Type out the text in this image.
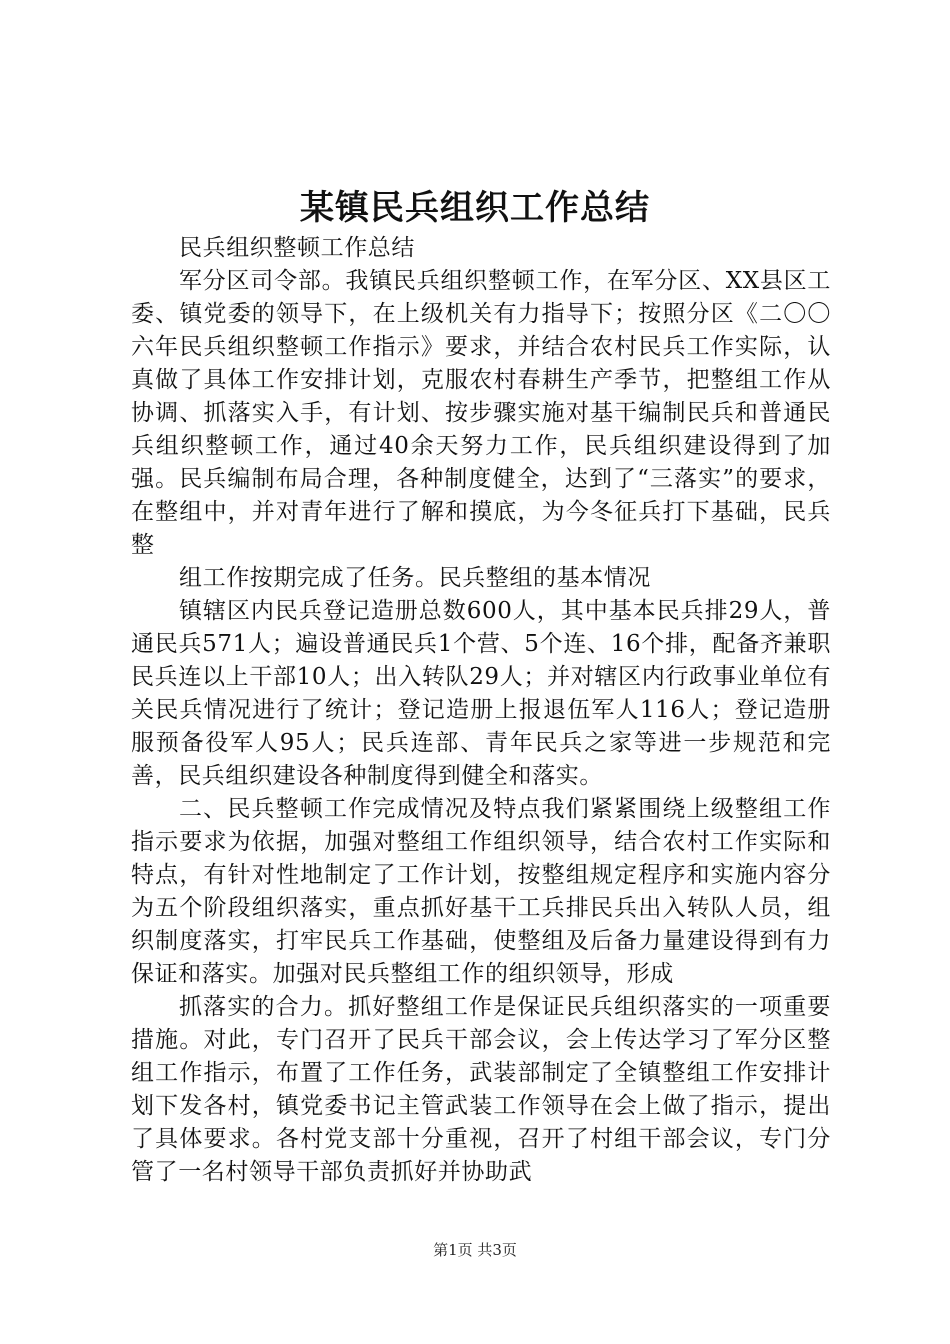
某镇民兵组织工作总结

民兵组织整顿工作总结

军分区司令部。我镇民兵组织整顿工作，在军分区、XX县区工委、镇党委的领导下，在上级机关有力指导下；按照分区《二〇〇六年民兵组织整顿工作指示》要求，并结合农村民兵工作实际，认真做了具体工作安排计划，克服农村春耕生产季节，把整组工作从协调、抓落实入手，有计划、按步骤实施对基干编制民兵和普通民兵组织整顿工作，通过40余天努力工作，民兵组织建设得到了加强。民兵编制布局合理，各种制度健全，达到了“三落实”的要求，在整组中，并对青年进行了解和摸底，为今冬征兵打下基础，民兵整

组工作按期完成了任务。民兵整组的基本情况

镇辖区内民兵登记造册总数600人，其中基本民兵排29人，普通民兵571人；遍设普通民兵1个营、5个连、16个排，配备齐兼职民兵连以上干部10人；出入转队29人；并对辖区内行政事业单位有关民兵情况进行了统计；登记造册上报退伍军人116人；登记造册服预备役军人95人；民兵连部、青年民兵之家等进一步规范和完善，民兵组织建设各种制度得到健全和落实。

二、民兵整顿工作完成情况及特点我们紧紧围绕上级整组工作指示要求为依据，加强对整组工作组织领导，结合农村工作实际和特点，有针对性地制定了工作计划，按整组规定程序和实施内容分为五个阶段组织落实，重点抓好基干工兵排民兵出入转队人员，组织制度落实，打牢民兵工作基础，使整组及后备力量建设得到有力保证和落实。加强对民兵整组工作的组织领导，形成

抓落实的合力。抓好整组工作是保证民兵组织落实的一项重要措施。对此，专门召开了民兵干部会议，会上传达学习了军分区整组工作指示，布置了工作任务，武装部制定了全镇整组工作安排计划下发各村，镇党委书记主管武装工作领导在会上做了指示，提出了具体要求。各村党支部十分重视，召开了村组干部会议，专门分管了一名村领导干部负责抓好并协助武

第1页 共3页
